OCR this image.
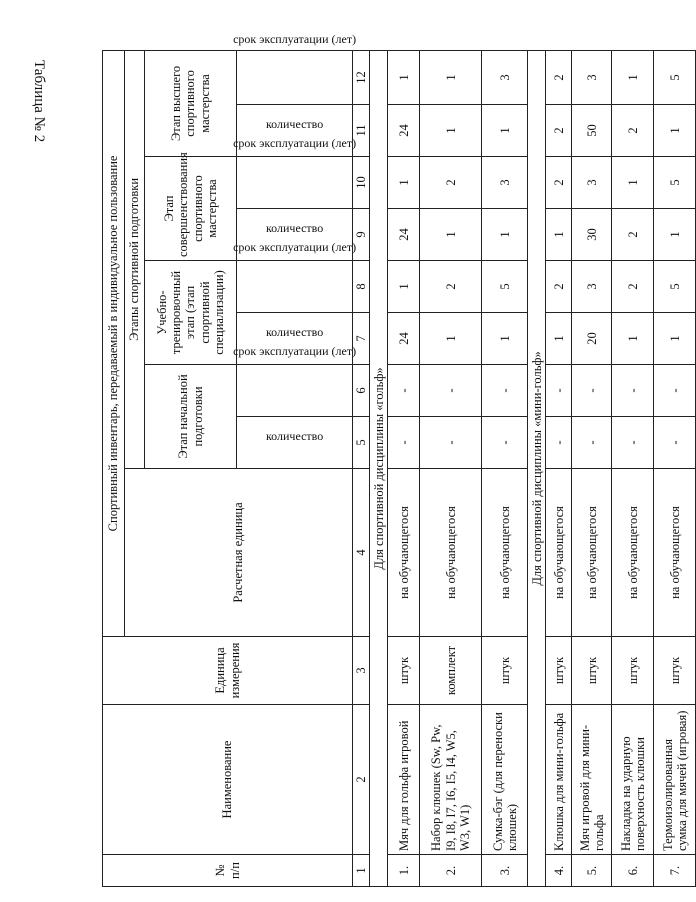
Таблица № 2
№ п/п	Наименование	Единица измерения	Спортивный инвентарь, передаваемый в индивидуальное пользование								
			Расчетная единица	Этапы спортивной подготовки							
				Этап начальной подготовки		Учебно-тренировочный этап (этап спортивной специализации)		Этап совершенствования спортивного мастерства		Этап высшего спортивного мастерства	
				количество	срок эксплуатации (лет)	количество	срок эксплуатации (лет)	количество	срок эксплуатации (лет)	количество	срок эксплуатации (лет)
1	2	3	4	5	6	7	8	9	10	11	12
Для спортивной дисциплины «гольф»											
1.	Мяч для гольфа игровой	штук	на обучающегося	-	-	24	1	24	1	24	1
2.	Набор клюшек (Sw, Pw, I9, I8, I7, I6, I5, I4, W5, W3, W1)	комплект	на обучающегося	-	-	1	2	1	2	1	1
3.	Сумка-бэг (для переноски клюшек)	штук	на обучающегося	-	-	1	5	1	3	1	3
Для спортивной дисциплины «мини-гольф»											
4.	Клюшка для мини-гольфа	штук	на обучающегося	-	-	1	2	1	2	2	2
5.	Мяч игровой для мини-гольфа	штук	на обучающегося	-	-	20	3	30	3	50	3
6.	Накладка на ударную поверхность клюшки	штук	на обучающегося	-	-	1	2	2	1	2	1
7.	Термоизолированная сумка для мячей (игровая)	штук	на обучающегося	-	-	1	5	1	5	1	5
